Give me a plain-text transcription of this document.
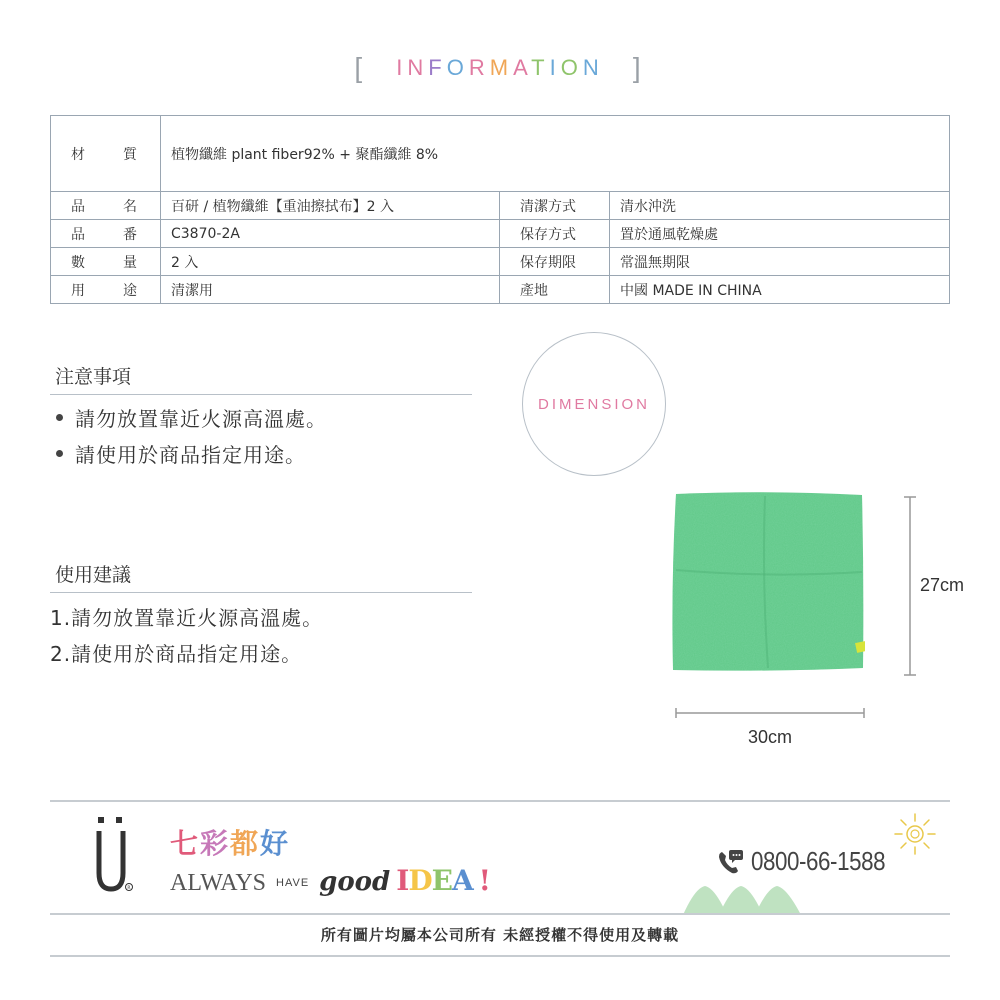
[ INFORMATION ]
材	質	植物纖維 plant fiber92% + 聚酯纖維 8%
品	名	百研 / 植物纖維【重油擦拭布】2 入	清潔方式	清水沖洗
品	番	C3870-2A	保存方式	置於通風乾燥處
數	量	2 入	保存期限	常溫無期限
用	途	清潔用	產地	中國 MADE IN CHINA
注意事項
請勿放置靠近火源高溫處。
請使用於商品指定用途。
使用建議
1.請勿放置靠近火源高溫處。
2.請使用於商品指定用途。
DIMENSION
27cm
30cm
R
七彩都好
ALWAYS HAVE good IDEA !
0800-66-1588
所有圖片均屬本公司所有 未經授權不得使用及轉載
